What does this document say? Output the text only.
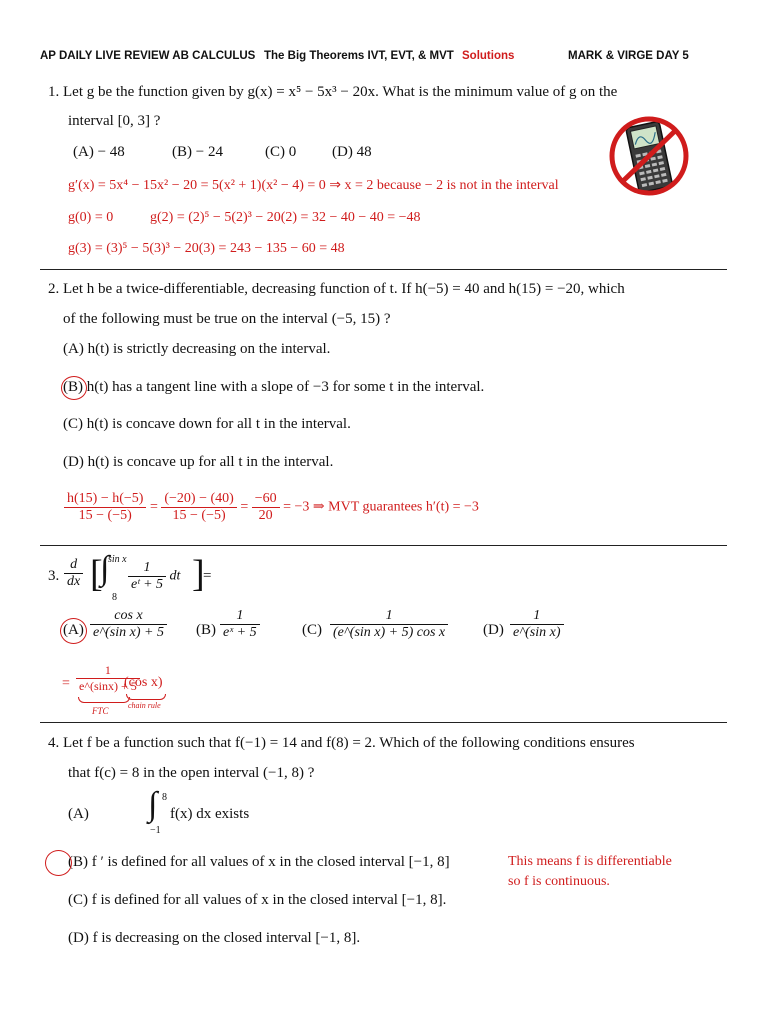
AP DAILY LIVE REVIEW AB CALCULUS The Big Theorems IVT, EVT, & MVT Solutions	MARK & VIRGE DAY 5
1. Let g be the function given by g(x) = x⁵ − 5x³ − 20x. What is the minimum value of g on the
interval [0, 3] ?
(A) − 48	(B) − 24	(C) 0 (D) 48
g′(x) = 5x⁴ − 15x² − 20 = 5(x² + 1)(x² − 4) = 0 ⇒ x = 2 because − 2 is not in the interval
g(0) = 0	g(2) = (2)⁵ − 5(2)³ − 20(2) = 32 − 40 − 40 = −48
g(3) = (3)⁵ − 5(3)³ − 20(3) = 243 − 135 − 60 = 48
2. Let h be a twice-differentiable, decreasing function of t. If h(−5) = 40 and h(15) = −20, which
of the following must be true on the interval (−5, 15) ?
(A) h(t) is strictly decreasing on the interval.
(B) h(t) has a tangent line with a slope of −3 for some t in the interval.
(C) h(t) is concave down for all t in the interval.
(D) h(t) is concave up for all t in the interval.
$\frac{h(15) - h(-5)}{15 - (-5)} = \frac{(-20) - (40)}{15 - (-5)} = \frac{-60}{20} = -3$ ⇒ MVT guarantees h′(t) = −3
3. $\frac{d}{dx}$ [
∫
sin x
8
$\frac{1}{\text{eᵗ + 5}}$ dt ]
=
$(A) \frac{\text{cos x}}{\text{e\textasciicircum{}(sin x) + 5}} (B) \frac{1}{\text{eˣ + 5}}$	$(C) \frac{1}{\text{(e\textasciicircum{}(sin x) + 5) cos x}} (D) \frac{1}{\text{e\textasciicircum{}(sin x)}}$
= $\frac{1}{e\^{}(\sin x) + 5}$
(cos x)
FTC
chain rule
4. Let f be a function such that f(−1) = 14 and f(8) = 2. Which of the following conditions ensures
that f(c) = 8 in the open interval (−1, 8) ?
(A) ∫ 8
−1
f(x) dx exists
(B) f ′ is defined for all values of x in the closed interval [−1, 8]
(C) f is defined for all values of x in the closed interval [−1, 8].
(D) f is decreasing on the closed interval [−1, 8].
This means f is differentiable
so f is continuous.
